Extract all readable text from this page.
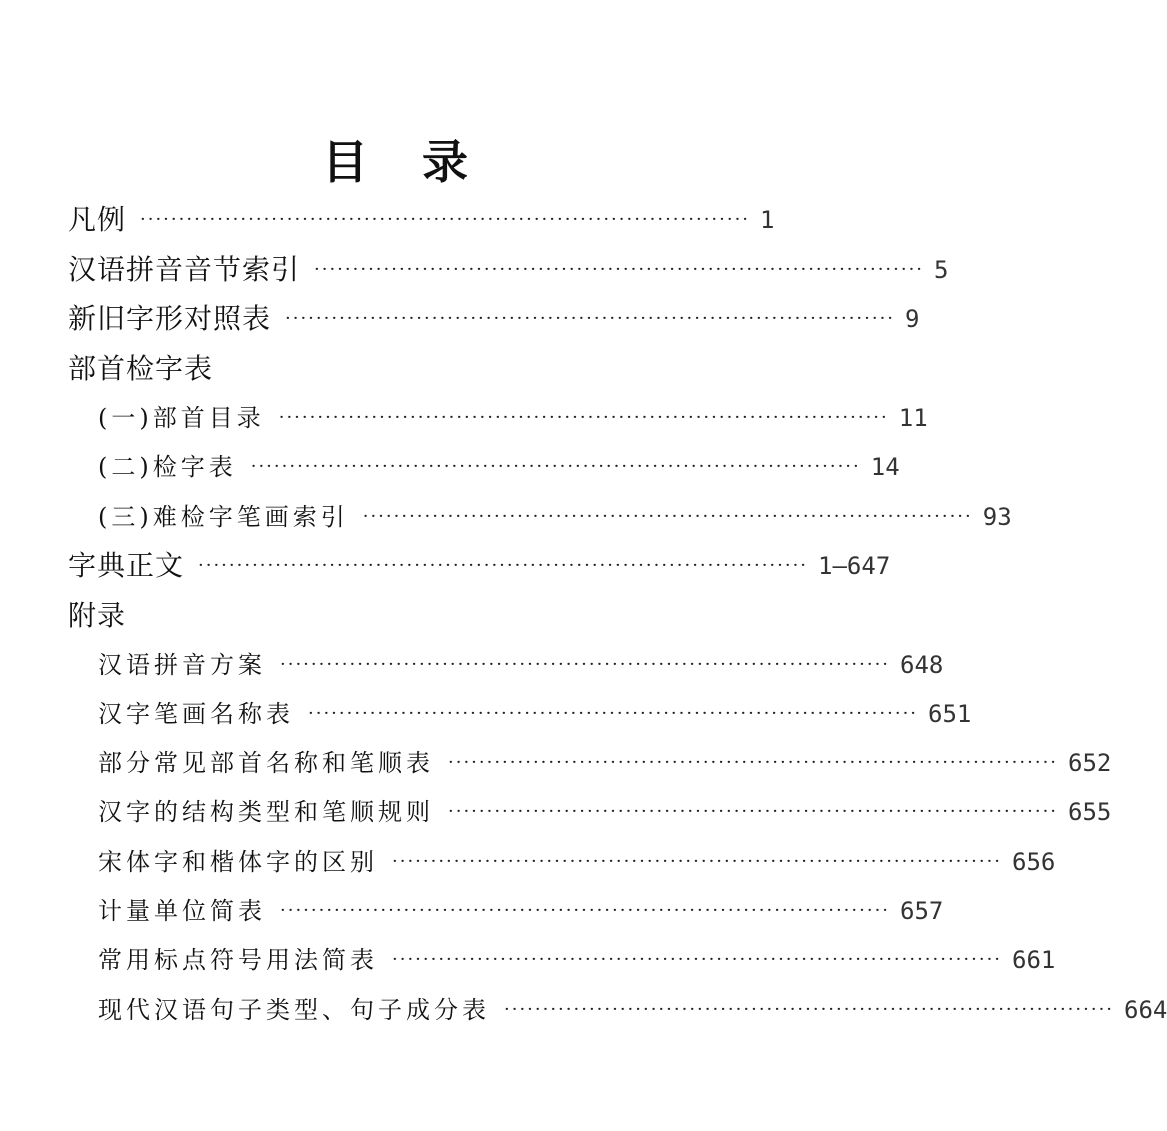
目 录
凡例 ··············································································· 1
汉语拼音音节索引 ··············································································· 5
新旧字形对照表 ··············································································· 9
部首检字表
(一)部首目录 ··············································································· 11
(二)检字表 ··············································································· 14
(三)难检字笔画索引 ··············································································· 93
字典正文 ··············································································· 1—647
附录
汉语拼音方案 ··············································································· 648
汉字笔画名称表 ··············································································· 651
部分常见部首名称和笔顺表 ··············································································· 652
汉字的结构类型和笔顺规则 ··············································································· 655
宋体字和楷体字的区别 ··············································································· 656
计量单位简表 ··············································································· 657
常用标点符号用法简表 ··············································································· 661
现代汉语句子类型、句子成分表 ··············································································· 664
